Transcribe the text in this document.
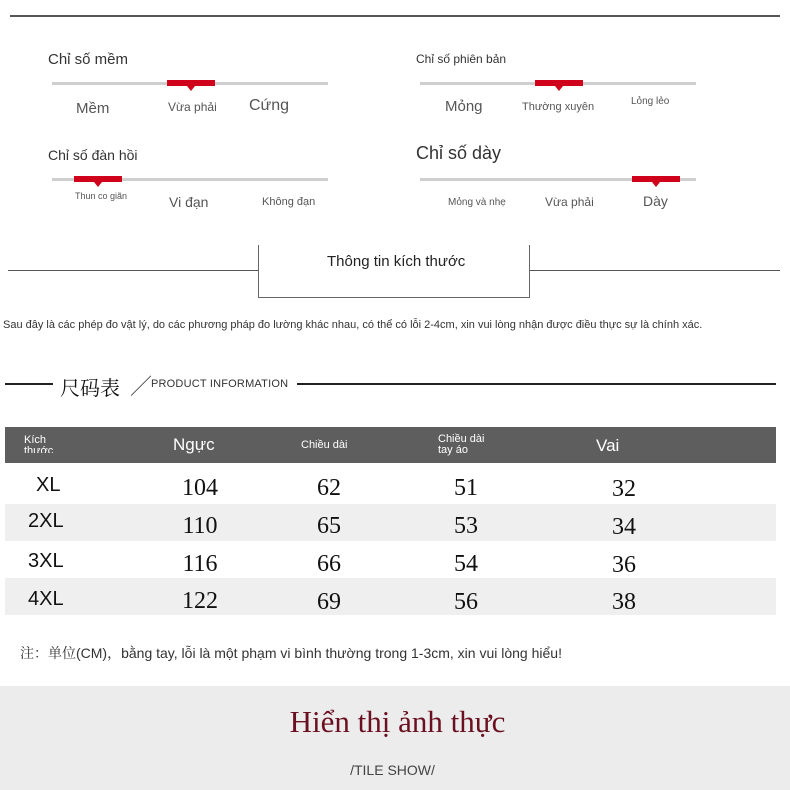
Chỉ số mềm
Mềm	Vừa phải Cứng
Chỉ số phiên bản
Mỏng	Thường xuyên	Lỏng lẻo
Chỉ số đàn hồi
Thun co giãn	Vi đạn	Không đạn
Chỉ số dày
Mỏng và nhẹ	Vừa phải	Dày
Thông tin kích thước
Sau đây là các phép đo vật lý, do các phương pháp đo lường khác nhau, có thể có lỗi 2-4cm, xin vui lòng nhận được điều thực sự là chính xác.
尺码表 ／
PRODUCT INFORMATION
Kích thước	Ngực	Chiều dài	Chiều dài tay áo	Vai
XL	104	62	51	32
2XL	110	65	53	34
3XL	116	66	54	36
4XL	122	69	56	38
注：单位(CM)，bằng tay, lỗi là một phạm vi bình thường trong 1-3cm, xin vui lòng hiểu!
Hiển thị ảnh thực
/TILE SHOW/
